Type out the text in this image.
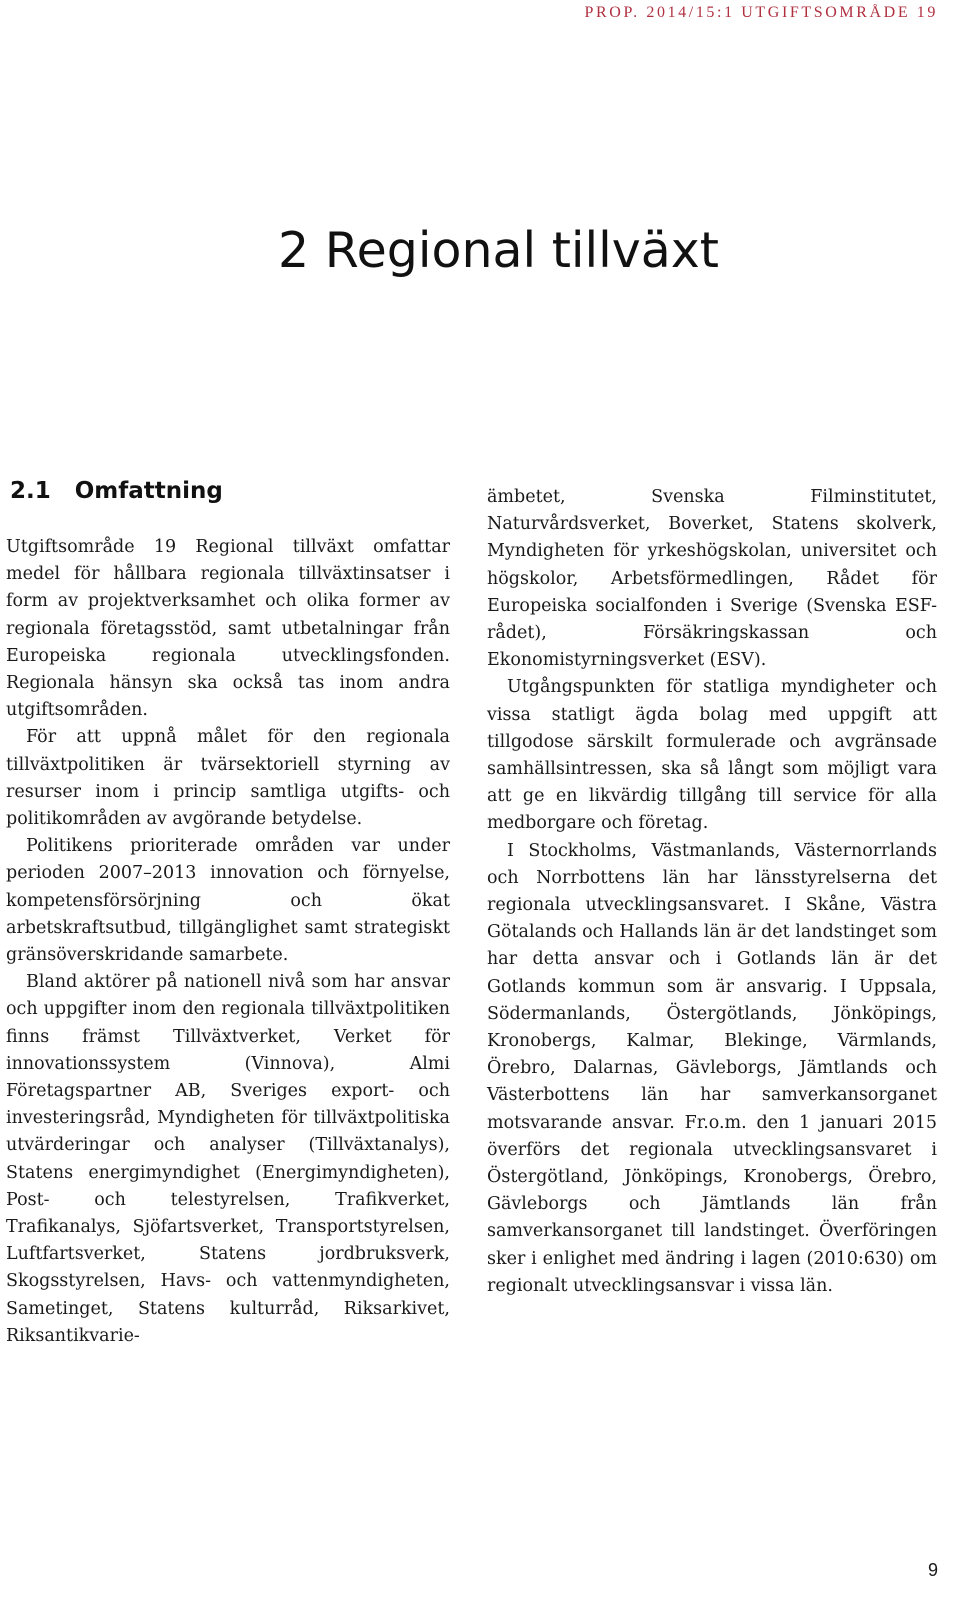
PROP. 2014/15:1 UTGIFTSOMRÅDE 19
2 Regional tillväxt
2.1 Omfattning

Utgiftsområde 19 Regional tillväxt omfattar medel för hållbara regionala tillväxtinsatser i form av projektverksamhet och olika former av regionala företagsstöd, samt utbetalningar från Europeiska regionala utvecklingsfonden. Regionala hänsyn ska också tas inom andra utgiftsområden.

För att uppnå målet för den regionala tillväxtpolitiken är tvärsektoriell styrning av resurser inom i princip samtliga utgifts- och politikområden av avgörande betydelse.

Politikens prioriterade områden var under perioden 2007–2013 innovation och förnyelse, kompetensförsörjning och ökat arbetskraftsutbud, tillgänglighet samt strategiskt gränsöverskridande samarbete.

Bland aktörer på nationell nivå som har ansvar och uppgifter inom den regionala tillväxtpolitiken finns främst Tillväxtverket, Verket för innovationssystem (Vinnova), Almi Företagspartner AB, Sveriges export- och investeringsråd, Myndigheten för tillväxtpolitiska utvärderingar och analyser (Tillväxtanalys), Statens energimyndighet (Energimyndigheten), Post- och telestyrelsen, Trafikverket, Trafikanalys, Sjöfartsverket, Transportstyrelsen, Luftfartsverket, Statens jordbruksverk, Skogsstyrelsen, Havs- och vattenmyndigheten, Sametinget, Statens kulturråd, Riksarkivet, Riksantikvarie-

ämbetet, Svenska Filminstitutet, Naturvårdsverket, Boverket, Statens skolverk, Myndigheten för yrkeshögskolan, universitet och högskolor, Arbetsförmedlingen, Rådet för Europeiska socialfonden i Sverige (Svenska ESF-rådet), Försäkringskassan och Ekonomistyrningsverket (ESV).

Utgångspunkten för statliga myndigheter och vissa statligt ägda bolag med uppgift att tillgodose särskilt formulerade och avgränsade samhällsintressen, ska så långt som möjligt vara att ge en likvärdig tillgång till service för alla medborgare och företag.

I Stockholms, Västmanlands, Västernorrlands och Norrbottens län har länsstyrelserna det regionala utvecklingsansvaret. I Skåne, Västra Götalands och Hallands län är det landstinget som har detta ansvar och i Gotlands län är det Gotlands kommun som är ansvarig. I Uppsala, Södermanlands, Östergötlands, Jönköpings, Kronobergs, Kalmar, Blekinge, Värmlands, Örebro, Dalarnas, Gävleborgs, Jämtlands och Västerbottens län har samverkansorganet motsvarande ansvar. Fr.o.m. den 1 januari 2015 överförs det regionala utvecklingsansvaret i Östergötland, Jönköpings, Kronobergs, Örebro, Gävleborgs och Jämtlands län från samverkansorganet till landstinget. Överföringen sker i enlighet med ändring i lagen (2010:630) om regionalt utvecklingsansvar i vissa län.

9
